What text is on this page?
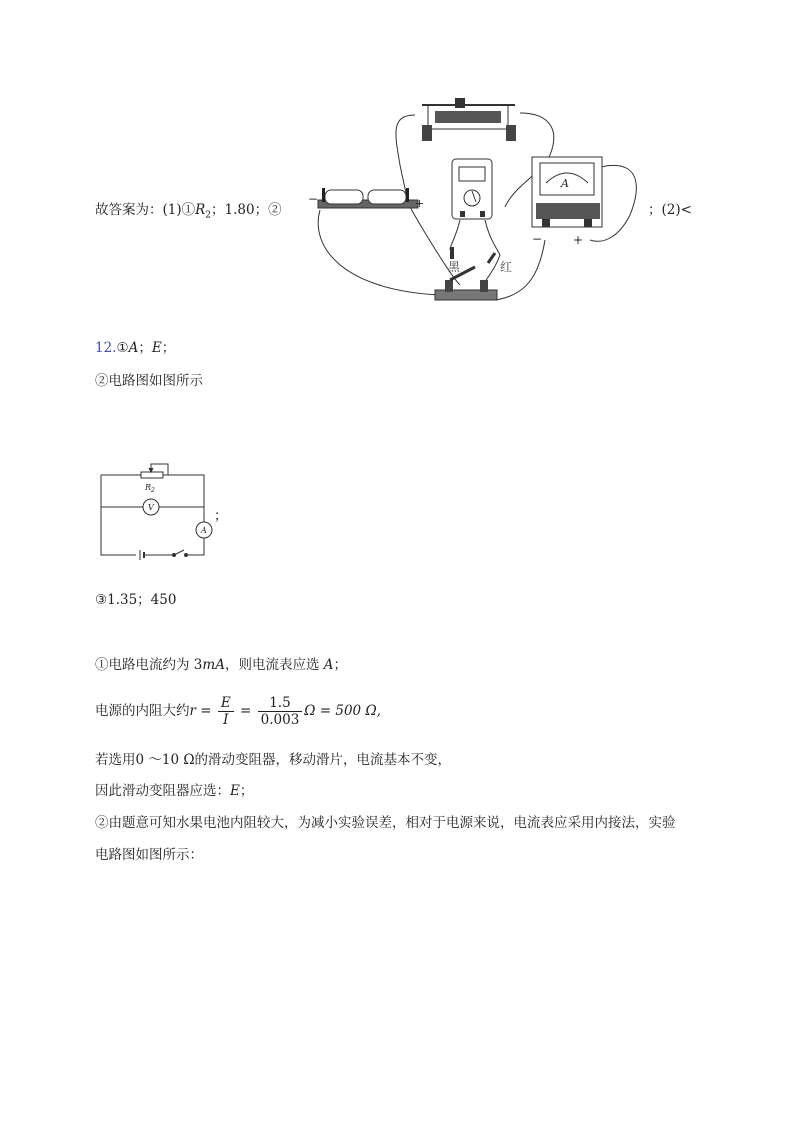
故答案为：$(1)①R_2$；1.80；②	；(2)<
−	+
A
−	+
黑	红
12.①A；E；
②电路图如图所示
$R_2$
V
A
；
③1.35；450
①电路电流约为 3mA，则电流表应选 A；
电源的内阻大约$r = \frac{E}{I} = \frac{1.5}{0.003}$ Ω = 500 Ω,
若选用0 ～10 Ω的滑动变阻器，移动滑片，电流基本不变，
因此滑动变阻器应选：E；
②由题意可知水果电池内阻较大，为减小实验误差，相对于电源来说，电流表应采用内接法，实验
电路图如图所示：
